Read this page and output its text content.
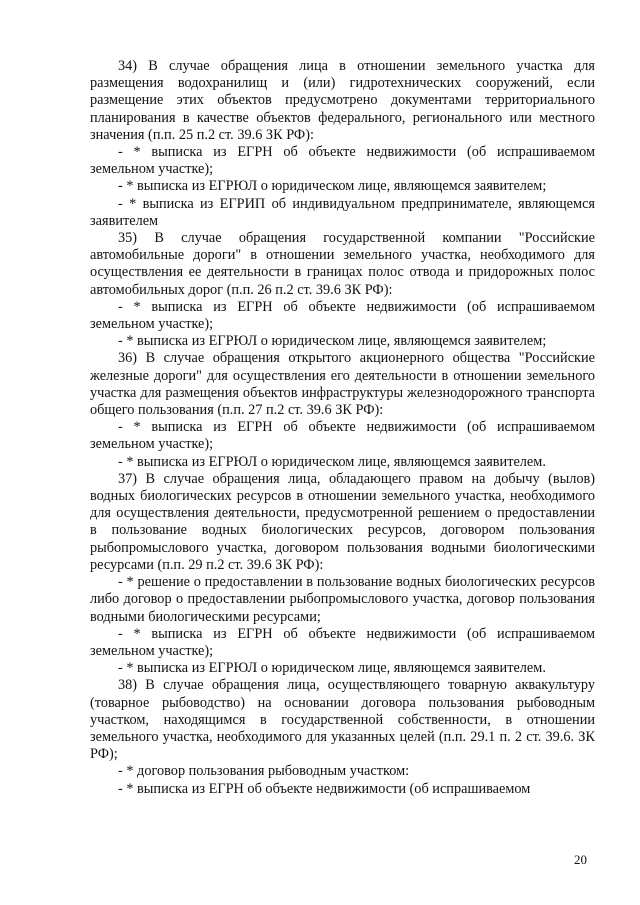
34) В случае обращения лица в отношении земельного участка для размещения водохранилищ и (или) гидротехнических сооружений, если размещение этих объектов предусмотрено документами территориального планирования в качестве объектов федерального, регионального или местного значения (п.п. 25 п.2 ст. 39.6 ЗК РФ):

- * выписка из ЕГРН об объекте недвижимости (об испрашиваемом земельном участке);

- * выписка из ЕГРЮЛ о юридическом лице, являющемся заявителем;

- * выписка из ЕГРИП об индивидуальном предпринимателе, являющемся заявителем

35) В случае обращения государственной компании "Российские автомобильные дороги" в отношении земельного участка, необходимого для осуществления ее деятельности в границах полос отвода и придорожных полос автомобильных дорог (п.п. 26 п.2 ст. 39.6 ЗК РФ):

- * выписка из ЕГРН об объекте недвижимости (об испрашиваемом земельном участке);

- * выписка из ЕГРЮЛ о юридическом лице, являющемся заявителем;

36) В случае обращения открытого акционерного общества "Российские железные дороги" для осуществления его деятельности в отношении земельного участка для размещения объектов инфраструктуры железнодорожного транспорта общего пользования (п.п. 27 п.2 ст. 39.6 ЗК РФ):

- * выписка из ЕГРН об объекте недвижимости (об испрашиваемом земельном участке);

- * выписка из ЕГРЮЛ о юридическом лице, являющемся заявителем.

37) В случае обращения лица, обладающего правом на добычу (вылов) водных биологических ресурсов в отношении земельного участка, необходимого для осуществления деятельности, предусмотренной решением о предоставлении в пользование водных биологических ресурсов, договором пользования рыбопромыслового участка, договором пользования водными биологическими ресурсами (п.п. 29 п.2 ст. 39.6 ЗК РФ):

- * решение о предоставлении в пользование водных биологических ресурсов либо договор о предоставлении рыбопромыслового участка, договор пользования водными биологическими ресурсами;

- * выписка из ЕГРН об объекте недвижимости (об испрашиваемом земельном участке);

- * выписка из ЕГРЮЛ о юридическом лице, являющемся заявителем.

38) В случае обращения лица, осуществляющего товарную аквакультуру (товарное рыбоводство) на основании договора пользования рыбоводным участком, находящимся в государственной собственности, в отношении земельного участка, необходимого для указанных целей (п.п. 29.1 п. 2 ст. 39.6. ЗК РФ);

- * договор пользования рыбоводным участком:

- * выписка из ЕГРН об объекте недвижимости (об испрашиваемом

20
